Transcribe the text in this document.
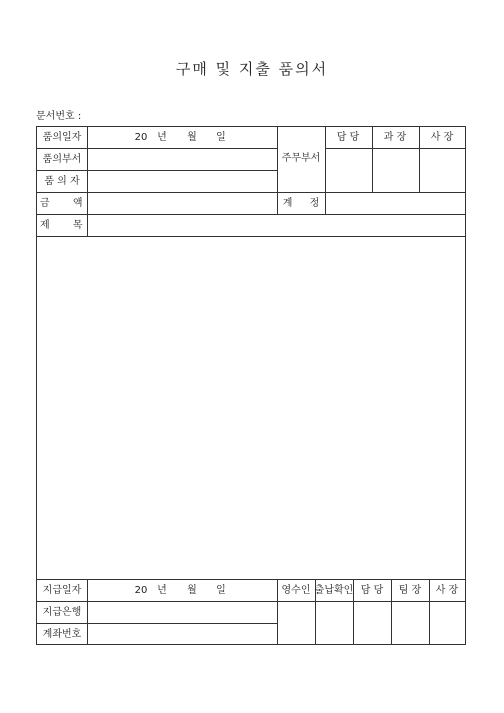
구매 및 지출 품의서
문서번호 :
품의일자	20 년 월 일
품의부서
품 의 자
금 액
제 목
주무부서
계 정
담 당 과 장 사 장
지급일자	20 년 월 일
지급은행
계좌번호
영수인 출납확인 담 당 팀 장 사 장
